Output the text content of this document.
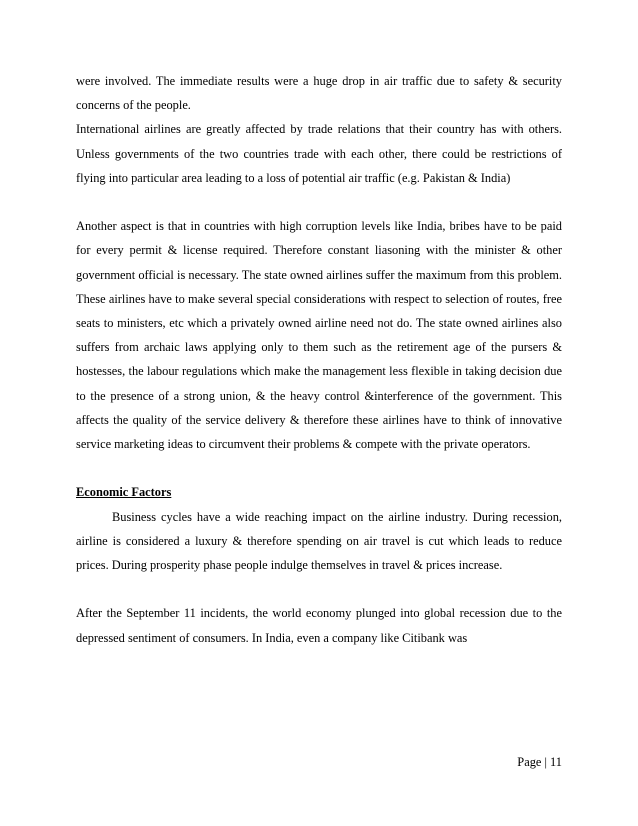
were involved. The immediate results were a huge drop in air traffic due to safety & security concerns of the people.

International airlines are greatly affected by trade relations that their country has with others. Unless governments of the two countries trade with each other, there could be restrictions of flying into particular area leading to a loss of potential air traffic (e.g. Pakistan & India)

Another aspect is that in countries with high corruption levels like India, bribes have to be paid for every permit & license required. Therefore constant liasoning with the minister & other government official is necessary. The state owned airlines suffer the maximum from this problem. These airlines have to make several special considerations with respect to selection of routes, free seats to ministers, etc which a privately owned airline need not do. The state owned airlines also suffers from archaic laws applying only to them such as the retirement age of the pursers & hostesses, the labour regulations which make the management less flexible in taking decision due to the presence of a strong union, & the heavy control &interference of the government. This affects the quality of the service delivery & therefore these airlines have to think of innovative service marketing ideas to circumvent their problems & compete with the private operators.

Economic Factors

Business cycles have a wide reaching impact on the airline industry. During recession, airline is considered a luxury & therefore spending on air travel is cut which leads to reduce prices. During prosperity phase people indulge themselves in travel & prices increase.

After the September 11 incidents, the world economy plunged into global recession due to the depressed sentiment of consumers. In India, even a company like Citibank was

Page | 11
